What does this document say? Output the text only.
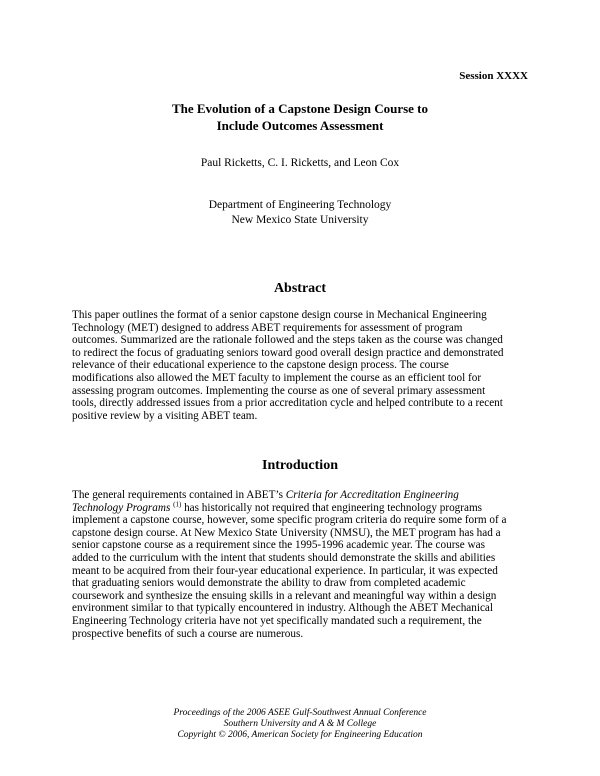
Session XXXX
The Evolution of a Capstone Design Course to
Include Outcomes Assessment
Paul Ricketts, C. I. Ricketts, and Leon Cox
Department of Engineering Technology
New Mexico State University
Abstract
This paper outlines the format of a senior capstone design course in Mechanical Engineering
Technology (MET) designed to address ABET requirements for assessment of program
outcomes. Summarized are the rationale followed and the steps taken as the course was changed
to redirect the focus of graduating seniors toward good overall design practice and demonstrated
relevance of their educational experience to the capstone design process. The course
modifications also allowed the MET faculty to implement the course as an efficient tool for
assessing program outcomes. Implementing the course as one of several primary assessment
tools, directly addressed issues from a prior accreditation cycle and helped contribute to a recent
positive review by a visiting ABET team.
Introduction
The general requirements contained in ABET’s Criteria for Accreditation Engineering
Technology Programs $^{(1)}$ has historically not required that engineering technology programs
implement a capstone course, however, some specific program criteria do require some form of a
capstone design course. At New Mexico State University (NMSU), the MET program has had a
senior capstone course as a requirement since the 1995-1996 academic year. The course was
added to the curriculum with the intent that students should demonstrate the skills and abilities
meant to be acquired from their four-year educational experience. In particular, it was expected
that graduating seniors would demonstrate the ability to draw from completed academic
coursework and synthesize the ensuing skills in a relevant and meaningful way within a design
environment similar to that typically encountered in industry. Although the ABET Mechanical
Engineering Technology criteria have not yet specifically mandated such a requirement, the
prospective benefits of such a course are numerous.
Proceedings of the 2006 ASEE Gulf-Southwest Annual Conference
Southern University and A & M College
Copyright © 2006, American Society for Engineering Education
